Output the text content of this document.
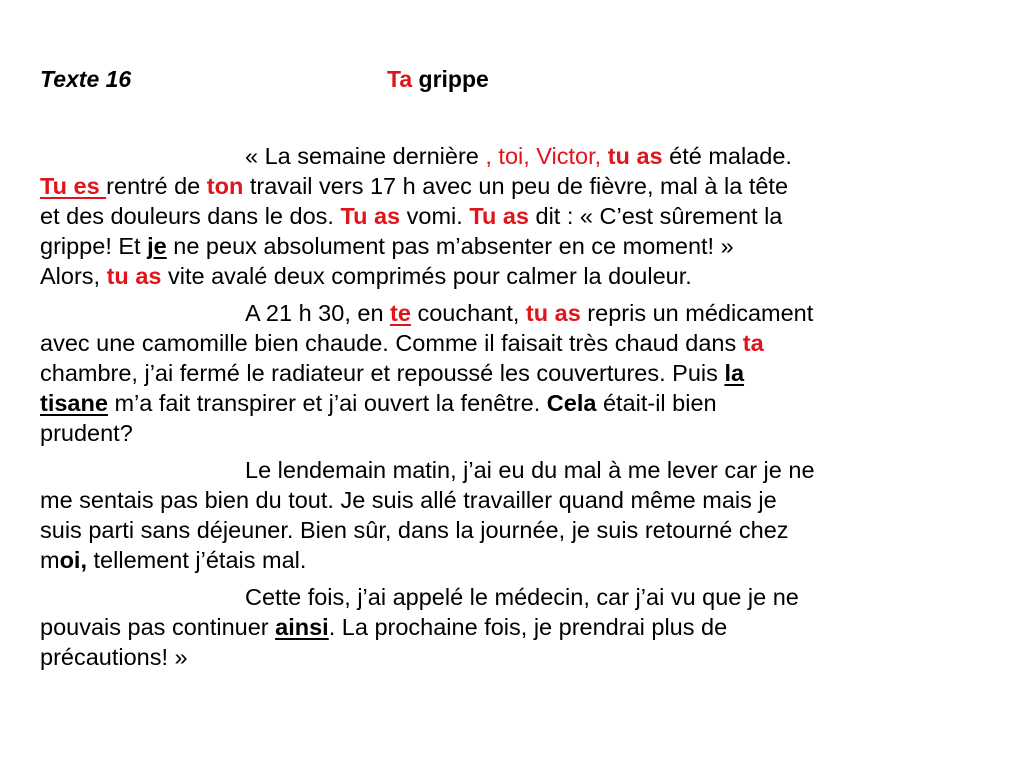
Texte 16	Ta grippe
« La semaine dernière , toi, Victor, tu as été malade.
Tu es rentré de ton travail vers 17 h avec un peu de fièvre, mal à la tête
et des douleurs dans le dos. Tu as vomi. Tu as dit : « C’est sûrement la
grippe! Et je ne peux absolument pas m’absenter en ce moment! »
Alors, tu as vite avalé deux comprimés pour calmer la douleur.
A 21 h 30, en te couchant, tu as repris un médicament
avec une camomille bien chaude. Comme il faisait très chaud dans ta
chambre, j’ai fermé le radiateur et repoussé les couvertures. Puis la
tisane m’a fait transpirer et j’ai ouvert la fenêtre. Cela était-il bien
prudent?
Le lendemain matin, j’ai eu du mal à me lever car je ne
me sentais pas bien du tout. Je suis allé travailler quand même mais je
suis parti sans déjeuner. Bien sûr, dans la journée, je suis retourné chez
moi, tellement j’étais mal.
Cette fois, j’ai appelé le médecin, car j’ai vu que je ne
pouvais pas continuer ainsi. La prochaine fois, je prendrai plus de
précautions! »
